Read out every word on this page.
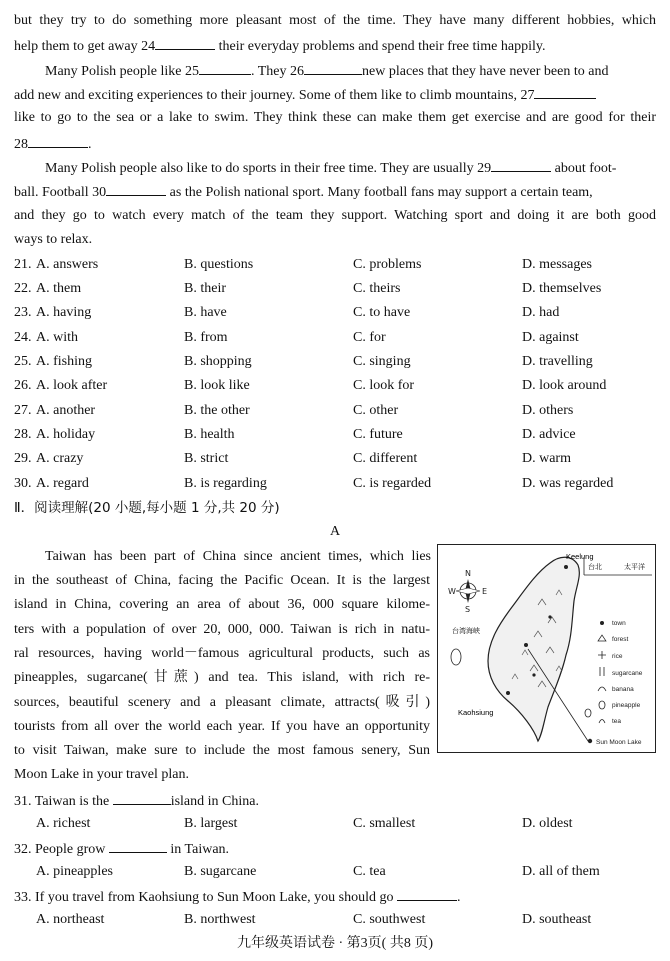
but they try to do something more pleasant most of the time. They have many different hobbies, which
help them to get away 24	their everyday problems and spend their free time happily.
Many Polish people like 25	. They 26	new places that they have never been to and
add new and exciting experiences to their journey. Some of them like to climb mountains, 27
like to go to the sea or a lake to swim. They think these can make them get exercise and are good for their
28	.
Many Polish people also like to do sports in their free time. They are usually 29	about foot-
ball. Football 30	as the Polish national sport. Many football fans may support a certain team,
and they go to watch every match of the team they support. Watching sport and doing it are both good
ways to relax.
21. A. answers	B. questions	C. problems	D. messages
22. A. them	B. their	C. theirs	D. themselves
23. A. having	B. have	C. to have	D. had
24. A. with	B. from	C. for	D. against
25. A. fishing	B. shopping	C. singing	D. travelling
26. A. look after	B. look like	C. look for	D. look around
27. A. another	B. the other	C. other	D. others
28. A. holiday	B. health	C. future	D. advice
29. A. crazy	B. strict	C. different	D. warm
30. A. regard	B. is regarding	C. is regarded	D. was regarded
Ⅱ．阅读理解(20 小题,每小题 1 分,共 20 分)
A
Taiwan has been part of China since ancient times, which lies
in the southeast of China, facing the Pacific Ocean. It is the largest
island in China, covering an area of about 36, 000 square kilome-
ters with a population of over 20, 000, 000. Taiwan is rich in natu-
ral resources, having world－famous agricultural products, such as
pineapples, sugarcane(甘蔗) and tea. This island, with rich re-
sources, beautiful scenery and a pleasant climate, attracts(吸引)
tourists from all over the world each year. If you have an opportunity
to visit Taiwan, make sure to include the most famous senery, Sun
Moon Lake in your travel plan.
N
S
W	E
Keelung
Kaohsiung
台湾海峡
台北	太平洋
town
forest
rice
sugarcane
banana
pineapple
tea
Sun Moon Lake
31. Taiwan is the	island in China.
A. richest	B. largest	C. smallest	D. oldest
32. People grow	in Taiwan.
A. pineapples	B. sugarcane	C. tea	D. all of them
33. If you travel from Kaohsiung to Sun Moon Lake, you should go	.
A. northeast	B. northwest	C. southwest	D. southeast
九年级英语试卷 · 第3页( 共8 页)
